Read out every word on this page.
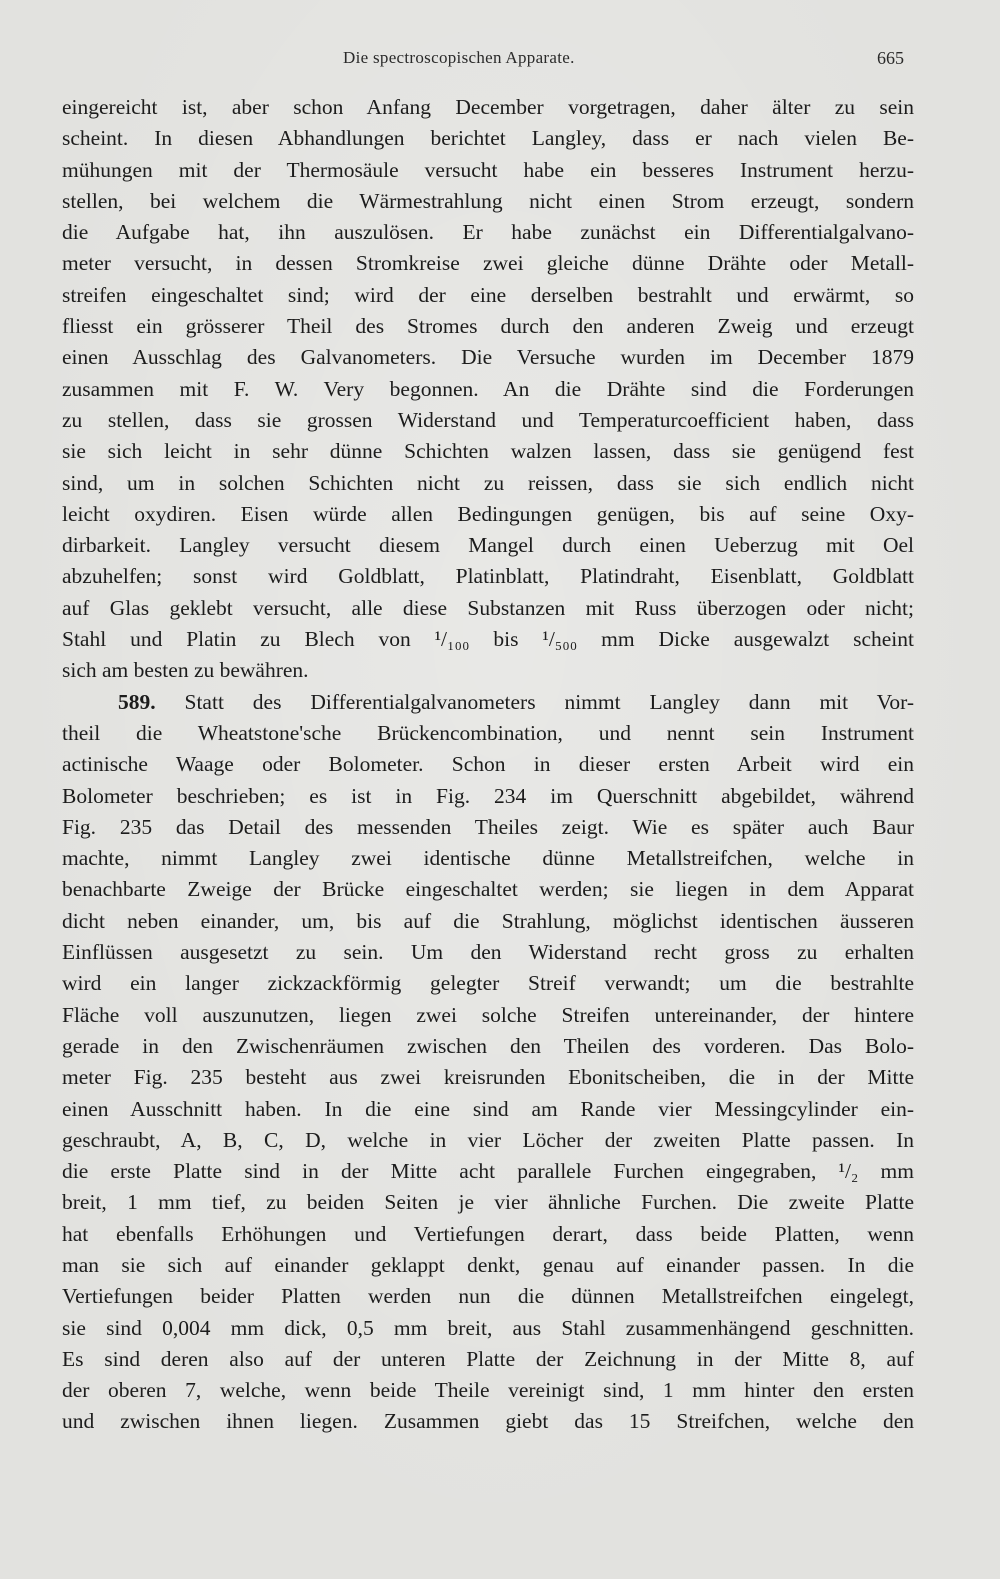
Die spectroscopischen Apparate.	665
eingereicht ist, aber schon Anfang December vorgetragen, daher älter zu sein
scheint. In diesen Abhandlungen berichtet Langley, dass er nach vielen Be-
mühungen mit der Thermosäule versucht habe ein besseres Instrument herzu-
stellen, bei welchem die Wärmestrahlung nicht einen Strom erzeugt, sondern
die Aufgabe hat, ihn auszulösen. Er habe zunächst ein Differentialgalvano-
meter versucht, in dessen Stromkreise zwei gleiche dünne Drähte oder Metall-
streifen eingeschaltet sind; wird der eine derselben bestrahlt und erwärmt, so
fliesst ein grösserer Theil des Stromes durch den anderen Zweig und erzeugt
einen Ausschlag des Galvanometers. Die Versuche wurden im December 1879
zusammen mit F. W. Very begonnen. An die Drähte sind die Forderungen
zu stellen, dass sie grossen Widerstand und Temperaturcoefficient haben, dass
sie sich leicht in sehr dünne Schichten walzen lassen, dass sie genügend fest
sind, um in solchen Schichten nicht zu reissen, dass sie sich endlich nicht
leicht oxydiren. Eisen würde allen Bedingungen genügen, bis auf seine Oxy-
dirbarkeit. Langley versucht diesem Mangel durch einen Ueberzug mit Oel
abzuhelfen; sonst wird Goldblatt, Platinblatt, Platindraht, Eisenblatt, Goldblatt
auf Glas geklebt versucht, alle diese Substanzen mit Russ überzogen oder nicht;
Stahl und Platin zu Blech von ¹/₁₀₀ bis ¹/₅₀₀ mm Dicke ausgewalzt scheint
sich am besten zu bewähren.
589. Statt des Differentialgalvanometers nimmt Langley dann mit Vor-
theil die Wheatstone'sche Brückencombination, und nennt sein Instrument
actinische Waage oder Bolometer. Schon in dieser ersten Arbeit wird ein
Bolometer beschrieben; es ist in Fig. 234 im Querschnitt abgebildet, während
Fig. 235 das Detail des messenden Theiles zeigt. Wie es später auch Baur
machte, nimmt Langley zwei identische dünne Metallstreifchen, welche in
benachbarte Zweige der Brücke eingeschaltet werden; sie liegen in dem Apparat
dicht neben einander, um, bis auf die Strahlung, möglichst identischen äusseren
Einflüssen ausgesetzt zu sein. Um den Widerstand recht gross zu erhalten
wird ein langer zickzackförmig gelegter Streif verwandt; um die bestrahlte
Fläche voll auszunutzen, liegen zwei solche Streifen untereinander, der hintere
gerade in den Zwischenräumen zwischen den Theilen des vorderen. Das Bolo-
meter Fig. 235 besteht aus zwei kreisrunden Ebonitscheiben, die in der Mitte
einen Ausschnitt haben. In die eine sind am Rande vier Messingcylinder ein-
geschraubt, A, B, C, D, welche in vier Löcher der zweiten Platte passen. In
die erste Platte sind in der Mitte acht parallele Furchen eingegraben, ¹/₂ mm
breit, 1 mm tief, zu beiden Seiten je vier ähnliche Furchen. Die zweite Platte
hat ebenfalls Erhöhungen und Vertiefungen derart, dass beide Platten, wenn
man sie sich auf einander geklappt denkt, genau auf einander passen. In die
Vertiefungen beider Platten werden nun die dünnen Metallstreifchen eingelegt,
sie sind 0,004 mm dick, 0,5 mm breit, aus Stahl zusammenhängend geschnitten.
Es sind deren also auf der unteren Platte der Zeichnung in der Mitte 8, auf
der oberen 7, welche, wenn beide Theile vereinigt sind, 1 mm hinter den ersten
und zwischen ihnen liegen. Zusammen giebt das 15 Streifchen, welche den
